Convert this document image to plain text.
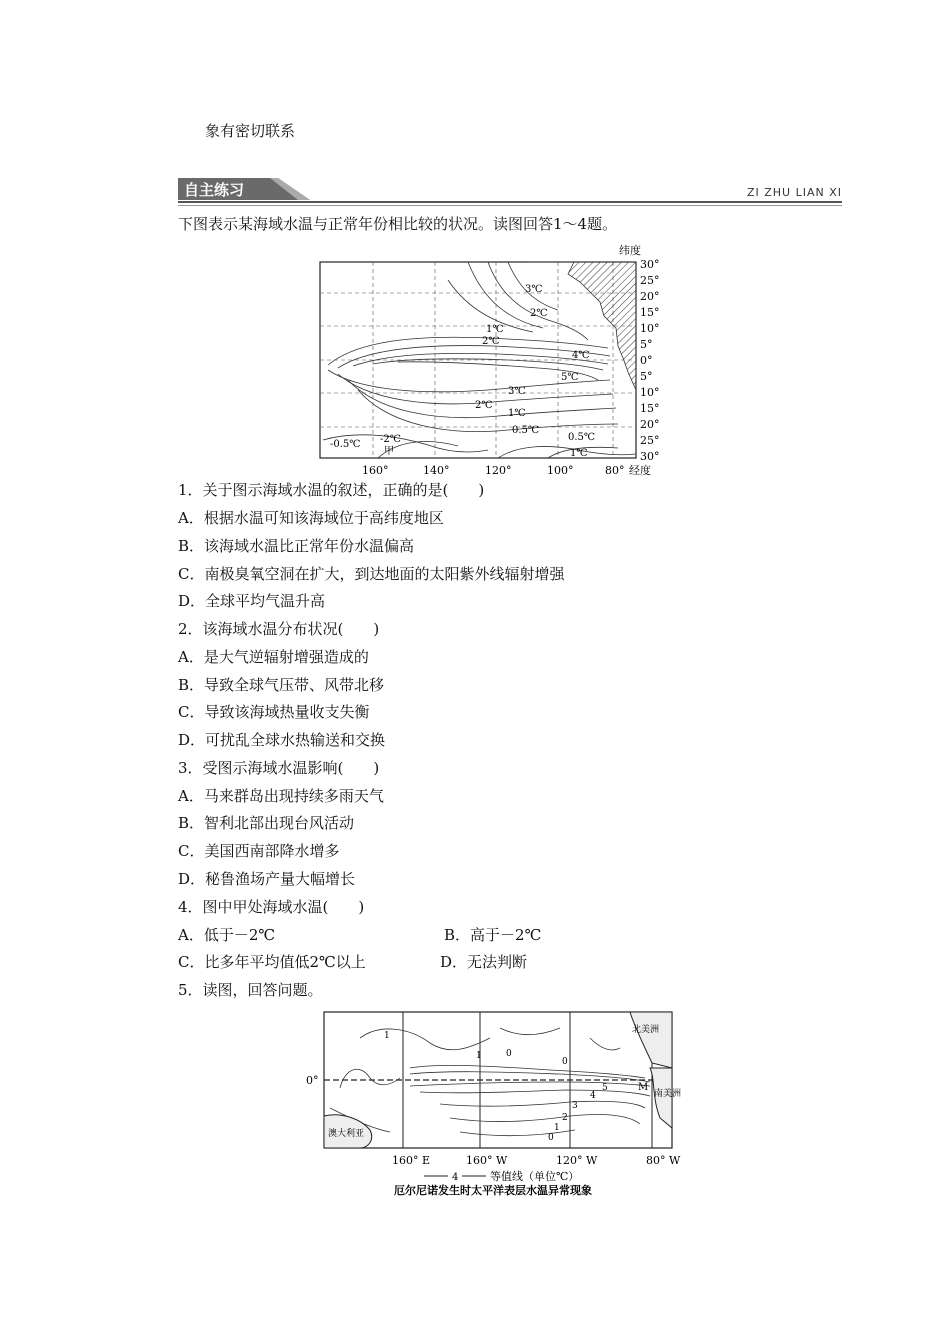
象有密切联系
自主练习	ZI ZHU LIAN XI
下图表示某海域水温与正常年份相比较的状况。读图回答1～4题。
纬度
3℃
2℃
1℃
2℃
4℃
5℃
3℃
2℃
1℃
0.5℃
0.5℃
-0.5℃ -2℃
1℃
甲
30°
25°
20°
15°
10°
5°
0°
5°
10°
15°
20°
25°
30°
160°	140°	120°	100°	80° 经度
1．关于图示海域水温的叙述，正确的是(　　)
A．根据水温可知该海域位于高纬度地区
B．该海域水温比正常年份水温偏高
C．南极臭氧空洞在扩大，到达地面的太阳紫外线辐射增强
D．全球平均气温升高
2．该海域水温分布状况(　　)
A．是大气逆辐射增强造成的
B．导致全球气压带、风带北移
C．导致该海域热量收支失衡
D．可扰乱全球水热输送和交换
3．受图示海域水温影响(　　)
A．马来群岛出现持续多雨天气
B．智利北部出现台风活动
C．美国西南部降水增多
D．秘鲁渔场产量大幅增长
4．图中甲处海域水温(　　)
A．低于－2℃	B．高于－2℃
C．比多年平均值低2℃以上	D．无法判断
5．读图，回答问题。
1
0
1
0
5
4
3
2
1
0
M
澳大利亚
北美洲
南美洲
0°
160° E	160° W	120° W	80° W
4	等值线（单位℃）
厄尔尼诺发生时太平洋表层水温异常现象
